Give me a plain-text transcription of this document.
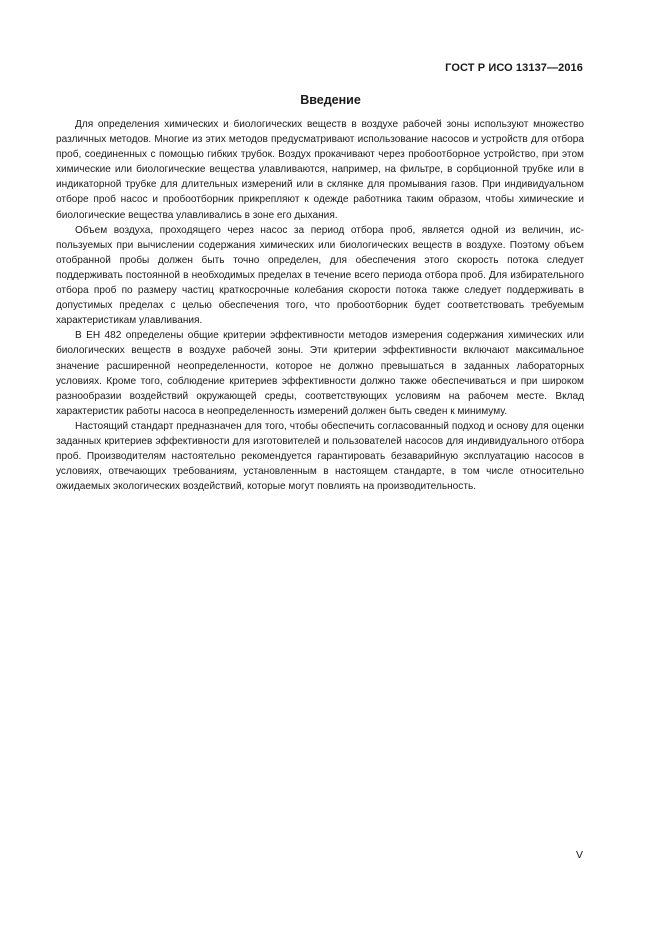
ГОСТ Р ИСО 13137—2016
Введение

Для определения химических и биологических веществ в воздухе рабочей зоны используют множество различных методов. Многие из этих методов предусматривают использование насосов и устройств для отбора проб, соединенных с помощью гибких трубок. Воздух прокачивают через пробоотборное устройство, при этом химические или биологические вещества улавливаются, например, на фильтре, в сорбционной трубке или в индикаторной трубке для длительных измерений или в склянке для промывания газов. При индивидуальном отборе проб насос и пробоотборник прикрепляют к одежде работника таким образом, чтобы химические и биологические вещества улавливались в зоне его дыхания.

Объем воздуха, проходящего через насос за период отбора проб, является одной из величин, используемых при вычислении содержания химических или биологических веществ в воздухе. Поэтому объем отобранной пробы должен быть точно определен, для обеспечения этого скорость потока следует поддерживать постоянной в необходимых пределах в течение всего периода отбора проб. Для избирательного отбора проб по размеру частиц краткосрочные колебания скорости потока также следует поддерживать в допустимых пределах с целью обеспечения того, что пробоотборник будет соответствовать требуемым характеристикам улавливания.

В ЕН 482 определены общие критерии эффективности методов измерения содержания химических или биологических веществ в воздухе рабочей зоны. Эти критерии эффективности включают максимальное значение расширенной неопределенности, которое не должно превышаться в заданных лабораторных условиях. Кроме того, соблюдение критериев эффективности должно также обеспечиваться и при широком разнообразии воздействий окружающей среды, соответствующих условиям на рабочем месте. Вклад характеристик работы насоса в неопределенность измерений должен быть сведен к минимуму.

Настоящий стандарт предназначен для того, чтобы обеспечить согласованный подход и основу для оценки заданных критериев эффективности для изготовителей и пользователей насосов для индивидуального отбора проб. Производителям настоятельно рекомендуется гарантировать безаварийную эксплуатацию насосов в условиях, отвечающих требованиям, установленным в настоящем стандарте, в том числе относительно ожидаемых экологических воздействий, которые могут повлиять на производительность.

V
